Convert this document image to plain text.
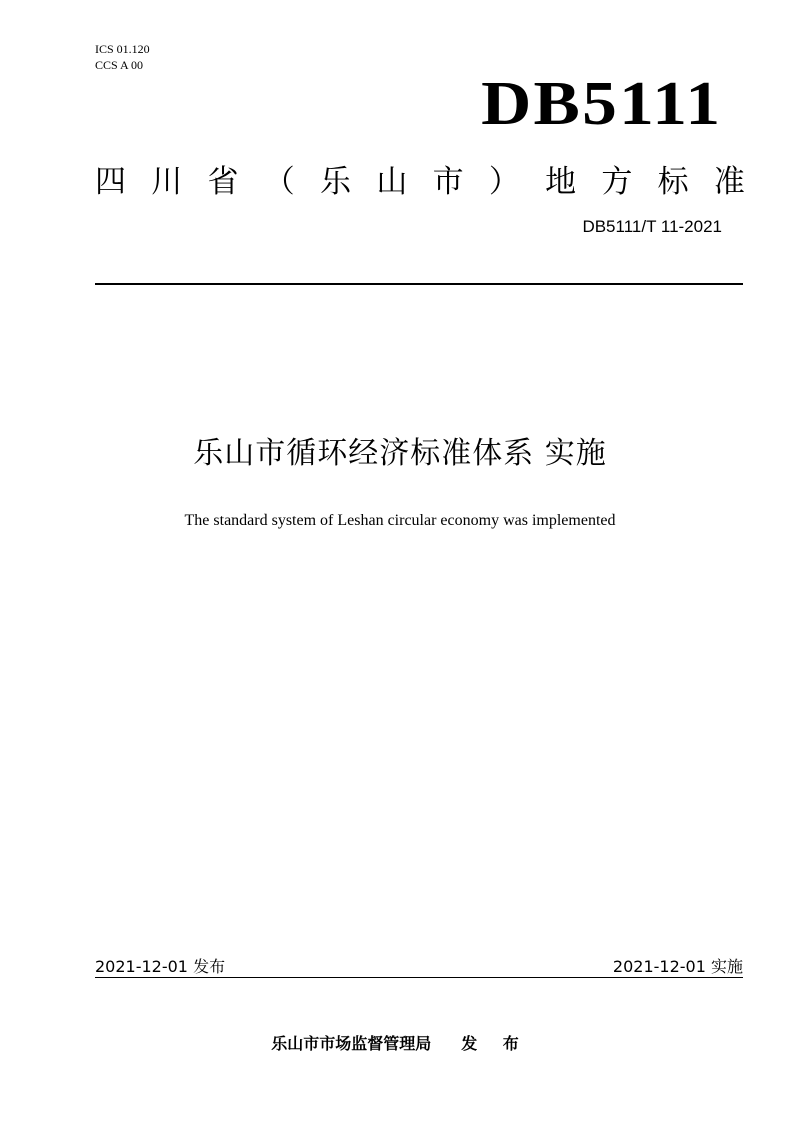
ICS 01.120
CCS A 00
DB5111
四 川 省 （ 乐 山 市 ） 地 方 标 准
DB5111/T 11-2021
乐山市循环经济标准体系 实施
The standard system of Leshan circular economy was implemented
2021-12-01 发布	2021-12-01 实施
乐山市市场监督管理局 发 布
